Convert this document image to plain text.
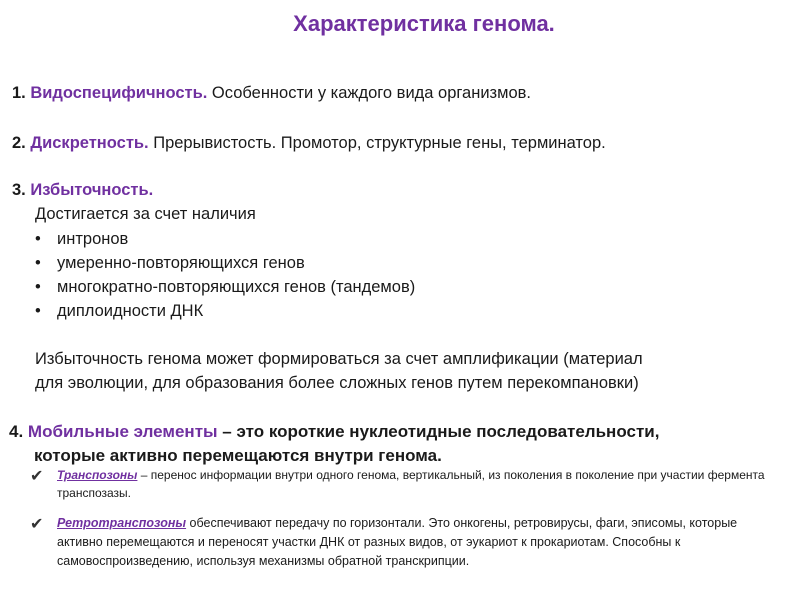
Характеристика генома.
1. Видоспецифичность. Особенности у каждого вида организмов.
2. Дискретность. Прерывистость. Промотор, структурные гены, терминатор.
3. Избыточность.
Достигается за счет наличия
• интронов
• умеренно-повторяющихся генов
• многократно-повторяющихся генов (тандемов)
• диплоидности ДНК
Избыточность генома может формироваться за счет амплификации (материал
для эволюции, для образования более сложных генов путем перекомпановки)
4. Мобильные элементы – это короткие нуклеотидные последовательности,
которые активно перемещаются внутри генома.
✔ Транспозоны – перенос информации внутри одного генома, вертикальный, из поколения в поколение при участии фермента транспозазы.
✔ Ретротранспозоны обеспечивают передачу по горизонтали. Это онкогены, ретровирусы, фаги, эписомы, которые активно перемещаются и переносят участки ДНК от разных видов, от эукариот к прокариотам. Способны к самовоспроизведению, используя механизмы обратной транскрипции.
